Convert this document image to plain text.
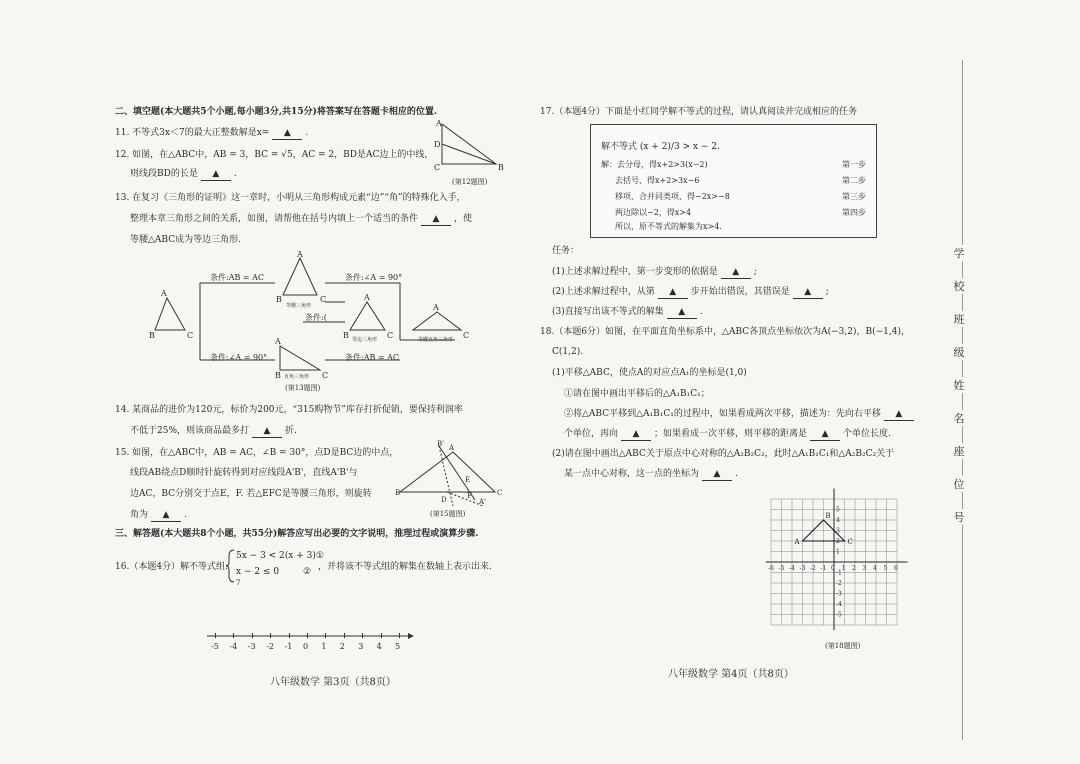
二、填空题(本大题共5个小题,每小题3分,共15分)将答案写在答题卡相应的位置.
11. 不等式3x＜7的最大正整数解是x= ▲ .
12. 如图，在△ABC中，AB = 3，BC = √5，AC = 2，BD是AC边上的中线，
则线段BD的长是 ▲ .
A
D
C	B
(第12题图)
13. 在复习《三角形的证明》这一章时，小明从三角形构成元素“边”“角”的特殊化入手，
整理本章三角形之间的关系，如图，请帮他在括号内填上一个适当的条件 ▲ ，使
等腰△ABC成为等边三角形.
A
B	C
A
B	C	A
B	C
A
C
A
B	C
条件:AB = AC	条件:∠A = 90°
条件:(
条件:∠A = 90°	条件:AB = AC
等腰三角形
等边三角形	等腰直角三角形
直角三角形
(第13题图)
14. 某商品的进价为120元，标价为200元，“315购物节”库存打折促销，要保持利润率
不低于25%，则该商品最多打 ▲ 折.
15. 如图，在△ABC中，AB = AC，∠B = 30°，点D是BC边的中点，
线段AB绕点D顺时针旋转得到对应线段A'B'，直线A'B'与
边AC，BC分别交于点E，F. 若△EFC是等腰三角形，则旋转
角为 ▲ .
A
B'
B	C
D
E
F
A'
(第15题图)
三、解答题(本大题共8个小题，共55分)解答应写出必要的文字说明，推理过程或演算步骤.
16.（本题4分）解不等式组:
5x − 3 < 2(x + 3)①
x − 2 ≤ 0
7
② ，并将该不等式组的解集在数轴上表示出来.
-5 -4 -3 -2 -1 0 1 2 3 4 5
八年级数学 第3页（共8页）
17.（本题4分）下面是小红同学解不等式的过程，请认真阅读并完成相应的任务
解不等式 (x + 2)/3 > x − 2.
解：去分母，得x+2>3(x−2)	第一步
去括号，得x+2>3x−6	第二步
移项，合并同类项，得−2x>−8	第三步
两边除以−2，得x>4	第四步
所以，原不等式的解集为x>4.
任务：
(1)上述求解过程中，第一步变形的依据是 ▲ ;
(2)上述求解过程中，从第 ▲ 步开始出错误，其错误是 ▲ ;
(3)直接写出该不等式的解集 ▲ .
18.（本题6分）如图，在平面直角坐标系中，△ABC各顶点坐标依次为A(−3,2)，B(−1,4)，
C(1,2).
(1)平移△ABC，使点A的对应点A₁的坐标是(1,0)
①请在图中画出平移后的△A₁B₁C₁；
②将△ABC平移到△A₁B₁C₁的过程中，如果看成两次平移，描述为：先向右平移 ▲
个单位，再向 ▲ ；如果看成一次平移，则平移的距离是 ▲ 个单位长度.
(2)请在图中画出△ABC关于原点中心对称的△A₂B₂C₂，此时△A₁B₁C₁和△A₂B₂C₂关于
某一点中心对称，这一点的坐标为 ▲ .
-6 -5 -4 -3 -2 -1 0 1 2 3 4 5 6
5
4
3
2
1
-1
-2
-3
-4
-5
A
B
C
(第18题图)
八年级数学 第4页（共8页）
学
校
班
级
姓
名
座
位
号
